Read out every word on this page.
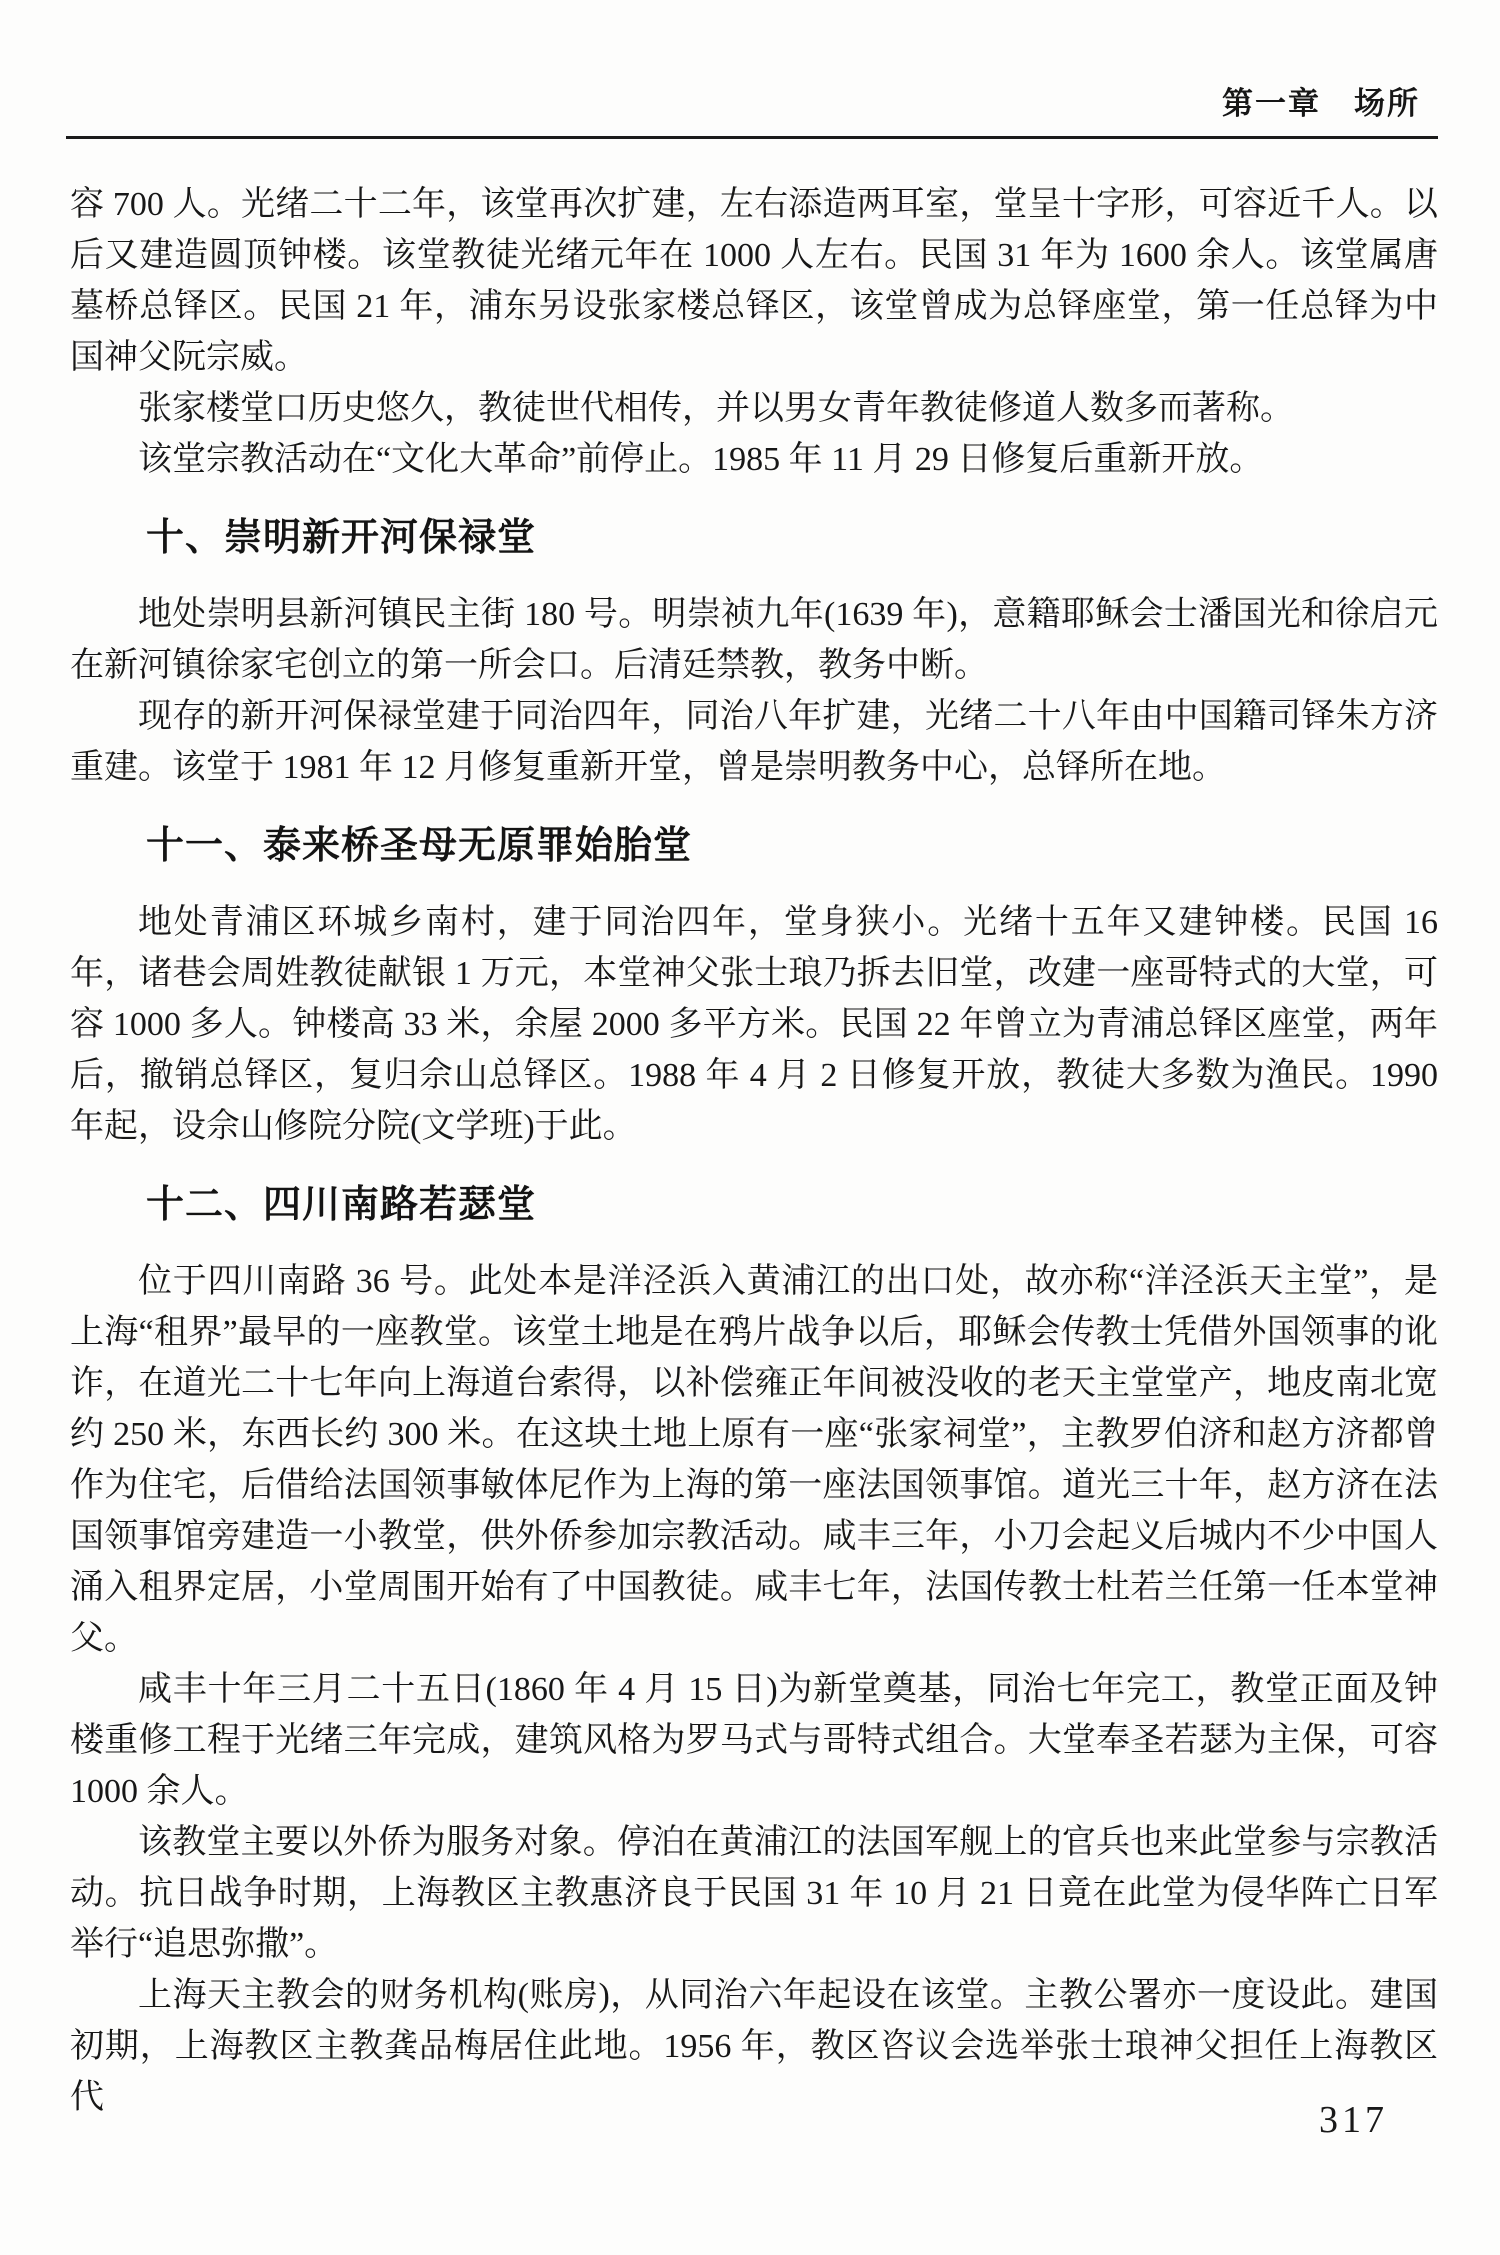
第一章　场所

容 700 人。光绪二十二年，该堂再次扩建，左右添造两耳室，堂呈十字形，可容近千人。以后又建造圆顶钟楼。该堂教徒光绪元年在 1000 人左右。民国 31 年为 1600 余人。该堂属唐墓桥总铎区。民国 21 年，浦东另设张家楼总铎区，该堂曾成为总铎座堂，第一任总铎为中国神父阮宗威。

张家楼堂口历史悠久，教徒世代相传，并以男女青年教徒修道人数多而著称。

该堂宗教活动在“文化大革命”前停止。1985 年 11 月 29 日修复后重新开放。

十、崇明新开河保禄堂

地处崇明县新河镇民主街 180 号。明崇祯九年(1639 年)，意籍耶稣会士潘国光和徐启元在新河镇徐家宅创立的第一所会口。后清廷禁教，教务中断。

现存的新开河保禄堂建于同治四年，同治八年扩建，光绪二十八年由中国籍司铎朱方济重建。该堂于 1981 年 12 月修复重新开堂，曾是崇明教务中心，总铎所在地。

十一、泰来桥圣母无原罪始胎堂

地处青浦区环城乡南村，建于同治四年，堂身狭小。光绪十五年又建钟楼。民国 16 年，诸巷会周姓教徒献银 1 万元，本堂神父张士琅乃拆去旧堂，改建一座哥特式的大堂，可容 1000 多人。钟楼高 33 米，余屋 2000 多平方米。民国 22 年曾立为青浦总铎区座堂，两年后，撤销总铎区，复归佘山总铎区。1988 年 4 月 2 日修复开放，教徒大多数为渔民。1990 年起，设佘山修院分院(文学班)于此。

十二、四川南路若瑟堂

位于四川南路 36 号。此处本是洋泾浜入黄浦江的出口处，故亦称“洋泾浜天主堂”，是上海“租界”最早的一座教堂。该堂土地是在鸦片战争以后，耶稣会传教士凭借外国领事的讹诈，在道光二十七年向上海道台索得，以补偿雍正年间被没收的老天主堂堂产，地皮南北宽约 250 米，东西长约 300 米。在这块土地上原有一座“张家祠堂”，主教罗伯济和赵方济都曾作为住宅，后借给法国领事敏体尼作为上海的第一座法国领事馆。道光三十年，赵方济在法国领事馆旁建造一小教堂，供外侨参加宗教活动。咸丰三年，小刀会起义后城内不少中国人涌入租界定居，小堂周围开始有了中国教徒。咸丰七年，法国传教士杜若兰任第一任本堂神父。

咸丰十年三月二十五日(1860 年 4 月 15 日)为新堂奠基，同治七年完工，教堂正面及钟楼重修工程于光绪三年完成，建筑风格为罗马式与哥特式组合。大堂奉圣若瑟为主保，可容 1000 余人。

该教堂主要以外侨为服务对象。停泊在黄浦江的法国军舰上的官兵也来此堂参与宗教活动。抗日战争时期，上海教区主教惠济良于民国 31 年 10 月 21 日竟在此堂为侵华阵亡日军举行“追思弥撒”。

上海天主教会的财务机构(账房)，从同治六年起设在该堂。主教公署亦一度设此。建国初期，上海教区主教龚品梅居住此地。1956 年，教区咨议会选举张士琅神父担任上海教区代

317
